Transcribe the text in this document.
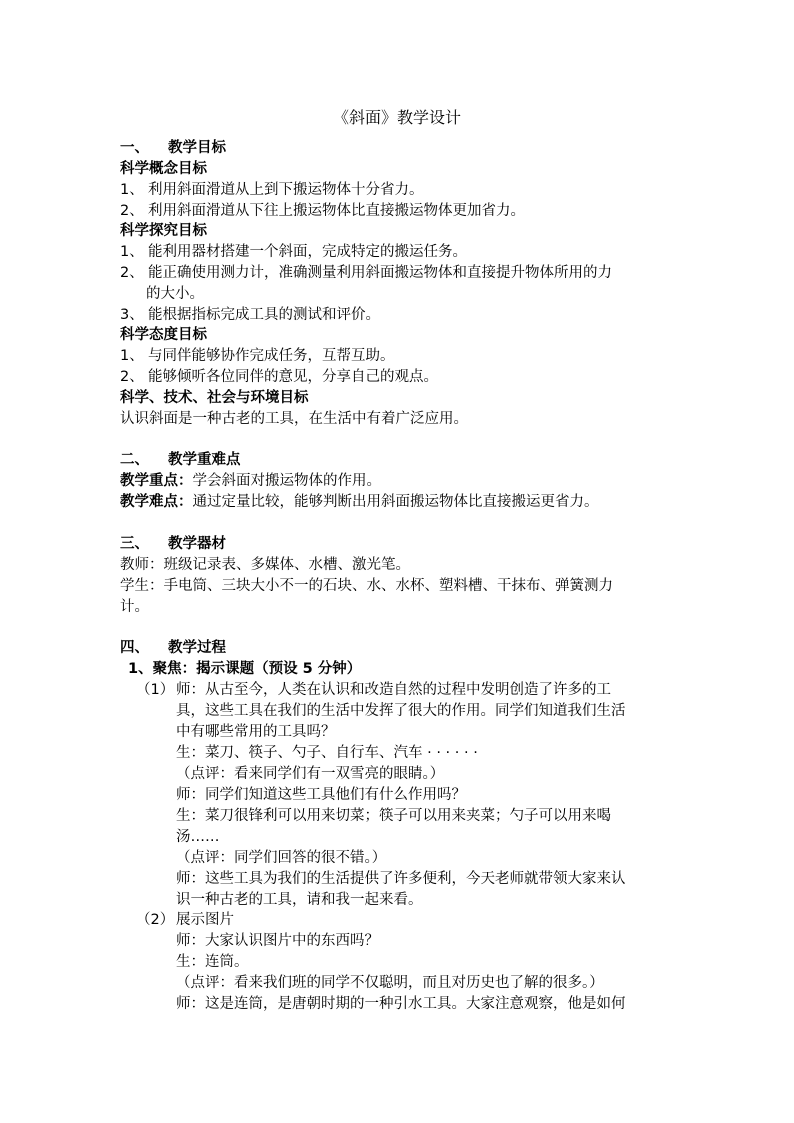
《斜面》教学设计
一、 教学目标
科学概念目标
1、 利用斜面滑道从上到下搬运物体十分省力。
2、 利用斜面滑道从下往上搬运物体比直接搬运物体更加省力。
科学探究目标
1、 能利用器材搭建一个斜面，完成特定的搬运任务。
2、 能正确使用测力计，准确测量利用斜面搬运物体和直接提升物体所用的力
的大小。
3、 能根据指标完成工具的测试和评价。
科学态度目标
1、 与同伴能够协作完成任务，互帮互助。
2、 能够倾听各位同伴的意见，分享自己的观点。
科学、技术、社会与环境目标
认识斜面是一种古老的工具，在生活中有着广泛应用。
二、 教学重难点
教学重点：学会斜面对搬运物体的作用。
教学难点：通过定量比较，能够判断出用斜面搬运物体比直接搬运更省力。
三、 教学器材
教师：班级记录表、多媒体、水槽、激光笔。
学生：手电筒、三块大小不一的石块、水、水杯、塑料槽、干抹布、弹簧测力
计。
四、 教学过程
1、聚焦：揭示课题（预设 5 分钟）
（1） 师：从古至今，人类在认识和改造自然的过程中发明创造了许多的工
具，这些工具在我们的生活中发挥了很大的作用。同学们知道我们生活
中有哪些常用的工具吗？
生：菜刀、筷子、勺子、自行车、汽车 · · · · · ·
（点评：看来同学们有一双雪亮的眼睛。）
师：同学们知道这些工具他们有什么作用吗？
生：菜刀很锋利可以用来切菜；筷子可以用来夹菜；勺子可以用来喝
汤……
（点评：同学们回答的很不错。）
师：这些工具为我们的生活提供了许多便利，今天老师就带领大家来认
识一种古老的工具，请和我一起来看。
（2） 展示图片
师：大家认识图片中的东西吗？
生：连筒。
（点评：看来我们班的同学不仅聪明，而且对历史也了解的很多。）
师：这是连筒，是唐朝时期的一种引水工具。大家注意观察，他是如何
